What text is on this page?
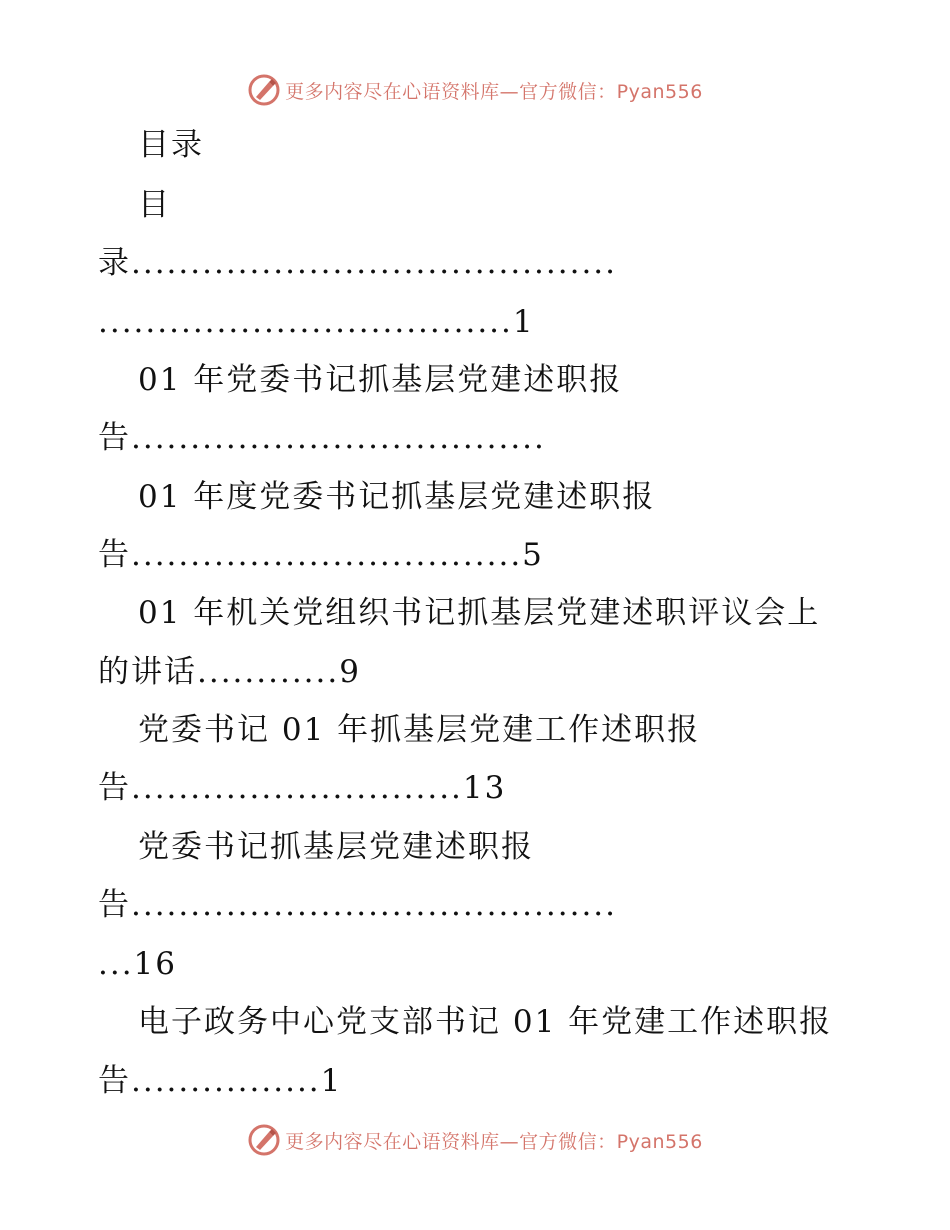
更多内容尽在心语资料库—官方微信：Pyan556
目录
目
录.........................................
...................................1
01 年党委书记抓基层党建述职报
告...................................
01 年度党委书记抓基层党建述职报
告.................................5
01 年机关党组织书记抓基层党建述职评议会上
的讲话............9
党委书记 01 年抓基层党建工作述职报
告............................13
党委书记抓基层党建述职报
告.........................................
...16
电子政务中心党支部书记 01 年党建工作述职报
告................1
更多内容尽在心语资料库—官方微信：Pyan556
